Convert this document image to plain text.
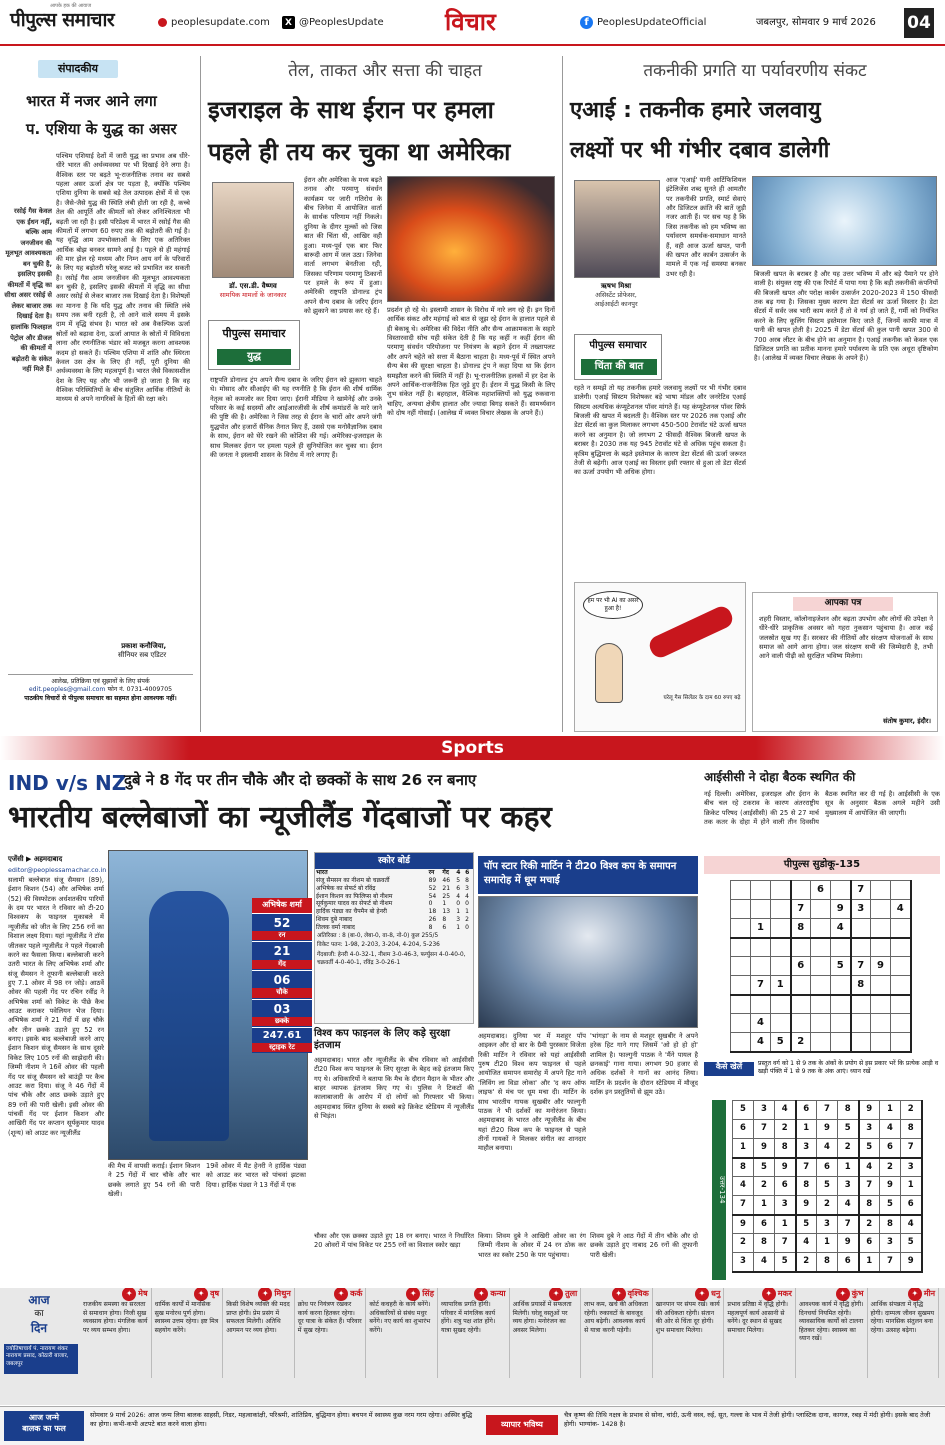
पीपुल्स समाचार
आपके हक की आवाज
peoplesupdate.com	X @PeoplesUpdate	विचार	f PeoplesUpdateOfficial	जबलपुर, सोमवार 9 मार्च 2026 04
संपादकीय
भारत में नजर आने लगा
प. एशिया के युद्ध का असर
पश्चिम एशियाई देशों में जारी युद्ध का प्रभाव अब धीरे-धीरे भारत की अर्थव्यवस्था पर भी दिखाई देने लगा है। वैश्विक स्तर पर बढ़ते भू-राजनीतिक तनाव का सबसे पहला असर ऊर्जा क्षेत्र पर पड़ता है, क्योंकि पश्चिम एशिया दुनिया के सबसे बड़े तेल उत्पादक क्षेत्रों में से एक है। जैसे-जैसे युद्ध की स्थिति लंबी होती जा रही है, कच्चे तेल की आपूर्ति और कीमतों को लेकर अनिश्चितता भी बढ़ती जा रही है। इसी परिप्रेक्ष्य में भारत में रसोई गैस की कीमतों में लगभग 60 रुपए तक की बढ़ोतरी की गई है। यह वृद्धि आम उपभोक्ताओं के लिए एक अतिरिक्त आर्थिक बोझ बनकर सामने आई है। पहले से ही महंगाई की मार झेल रहे मध्यम और निम्न आय वर्ग के परिवारों के लिए यह बढ़ोतरी घरेलू बजट को प्रभावित कर सकती है। रसोई गैस आम जनजीवन की मूलभूत आवश्यकता बन चुकी है, इसलिए इसकी कीमतों में वृद्धि का सीधा असर रसोई से लेकर बाजार तक दिखाई देता है। विशेषज्ञों का मानना है कि यदि युद्ध और तनाव की स्थिति लंबे समय तक बनी रहती है, तो आने वाले समय में इसके दाम में वृद्धि संभव है। भारत को अब वैकल्पिक ऊर्जा स्रोतों को बढ़ावा देना, ऊर्जा आयात के स्रोतों में विविधता लाना और रणनीतिक भंडार को मजबूत करना आवश्यक कदम हो सकते हैं। पश्चिम एशिया में शांति और स्थिरता केवल उस क्षेत्र के लिए ही नहीं, पूरी दुनिया की अर्थव्यवस्था के लिए महत्वपूर्ण है। भारत जैसे विकासशील देश के लिए यह और भी जरूरी हो जाता है कि वह वैश्विक परिस्थितियों के बीच संतुलित आर्थिक नीतियों के माध्यम से अपने नागरिकों के हितों की रक्षा करे।
प्रकाश कनौजिया,
सीनियर सब एडिटर
रसोई गैस केवल एक ईंधन नहीं, बल्कि आम जनजीवन की मूलभूत आवश्यकता बन चुकी है, इसलिए इसकी कीमतों में वृद्धि का सीधा असर रसोई से लेकर बाजार तक दिखाई देता है। हालांकि फिलहाल पेट्रोल और डीजल की कीमतों में बढ़ोतरी के संकेत नहीं मिले हैं।
आलेख, प्रतिक्रिया एवं सुझावों के लिए संपर्क
edit.peoples@gmail.com फोन नं. 0731-4009705
पाठकीय विचारों से पीपुल्स समाचार का सहमत होना आवश्यक नहीं।
तेल, ताकत और सत्ता की चाहत
इजराइल के साथ ईरान पर हमला
पहले ही तय कर चुका था अमेरिका
डॉ. एस.डी. वैष्णव
सामयिक मामलों के जानकार
ईरान और अमेरिका के मध्य बढ़ते तनाव और परमाणु संवर्धन कार्यक्रम पर जारी गतिरोध के बीच जिनेवा में आयोजित वार्ता के सार्थक परिणाम नहीं निकले। दुनिया के दीगर मुल्कों को जिस बात की चिंता थी, आखिर वही हुआ। मध्य-पूर्व एक बार फिर बारूदी आग में जल उठा। जिनेवा वार्ता लगभग बेनतीजा रही, जिसका परिणाम परमाणु ठिकानों पर हमले के रूप में हुआ। अमेरिकी राष्ट्रपति डोनाल्ड ट्रंप अपने सैन्य दबाव के जरिए ईरान को झुकाने का प्रयास कर रहे हैं।
पीपुल्स समाचार
युद्ध
राष्ट्रपति डोनाल्ड ट्रंप अपने सैन्य दबाव के जरिए ईरान को झुकाना चाहते थे। मोसाद और सीआईए की यह रणनीति है कि ईरान की शीर्ष धार्मिक नेतृत्व को कमजोर कर दिया जाए। ईरानी मीडिया ने खामेनेई और उनके परिवार के कई सदस्यों और आईआरजीसी के शीर्ष कमांडरों के मारे जाने की पुष्टि की है। अमेरिका ने जिस तरह से ईरान के चारों ओर अपने जंगी युद्धपोत और हजारों सैनिक तैनात किए हैं, उससे एक मनोवैज्ञानिक दबाव के साथ, ईरान को घेरे रखने की कोशिश की गई। अमेरिका-इजराइल के साथ मिलकर ईरान पर हमला पहले ही सुनियोजित कर चुका था। ईरान की जनता ने इस्लामी शासन के विरोध में नारे लगाए हैं।
प्रदर्शन हो रहे थे। इस्लामी शासन के विरोध में नारे लग रहे हैं। इन दिनों आर्थिक संकट और महंगाई को बात से जूझ रहे ईरान के हालात पहले से ही बेकाबू थे। अमेरिका की विदेश नीति और सैन्य आक्रामकता के सहारे विस्तारवादी सोच यही संकेत देती है कि यह कहीं न कहीं ईरान की परमाणु संवर्धन परियोजना पर नियंत्रण के बहाने ईरान में तख्तापलट और अपने चहेते को सत्ता में बैठाना चाहता है। मध्य-पूर्व में स्थित अपने सैन्य बेस की सुरक्षा चाहता है। डोनाल्ड ट्रंप ने कहा दिया था कि ईरान समझौता करने की स्थिति में नहीं है। भू-राजनीतिक हलकों में हर देश के अपने आर्थिक-राजनीतिक हित जुड़े हुए हैं। ईरान में युद्ध किसी के लिए शुभ संकेत नहीं है। बहरहाल, वैश्विक महाशक्तियों को युद्ध रुकवाना चाहिए, अन्यथा क्षेत्रीय हालात और ज्यादा बिगड़ सकते हैं। सामर्थ्यवान को दोष नहीं गोसाईं। (आलेख में व्यक्त विचार लेखक के अपने हैं।)
तकनीकी प्रगति या पर्यावरणीय संकट
एआई : तकनीक हमारे जलवायु
लक्ष्यों पर भी गंभीर दबाव डालेगी
ऋषभ मिश्रा
असिस्टेंट प्रोफेसर,
आईआईटी कानपुर
आज 'एआई' यानी आर्टिफिशियल इंटेलिजेंस शब्द सुनते ही आमतौर पर तकनीकी प्रगति, स्मार्ट सेवाएं और डिजिटल क्रांति की बातें जुड़ी नजर आती हैं। पर सच यह है कि जिस तकनीक को हम भविष्य का पर्यावरण समर्थक-समाधान मानते हैं, वही आज ऊर्जा खपत, पानी की खपत और कार्बन उत्सर्जन के मामले में एक नई समस्या बनकर उभर रही है।
पीपुल्स समाचार
चिंता की बात
रहते न समझें तो यह तकनीक हमारे जलवायु लक्ष्यों पर भी गंभीर दबाव डालेगी। एआई सिस्टम विशेषकर बड़े भाषा मॉडल और जनरेटिव एआई सिस्टम अत्यधिक कंप्यूटेशनल पॉवर मांगते हैं। यह कंप्यूटेशनल पॉवर सिर्फ बिजली की खपत में बदलती है। वैश्विक स्तर पर 2026 तक एआई और डेटा सेंटर्स का कुल मिलाकर लगभग 450-500 टेरावॉट घंटे ऊर्जा खपत करने का अनुमान है। जो लगभग 2 फीसदी वैश्विक बिजली खपत के बराबर है। 2030 तक यह 945 टेरावॉट घंटे से अधिक पहुंच सकता है। कृत्रिम बुद्धिमत्ता के बढ़ते इस्तेमाल के कारण डेटा सेंटर्स की ऊर्जा जरूरत तेजी से बढ़ेगी। आज एआई का विस्तार इसी रफ्तार से हुआ तो डेटा सेंटर्स का ऊर्जा उपयोग भी अधिक होगा।
बिजली खपत के बराबर है और यह उत्तर भविष्य में और बड़े पैमाने पर होने वाली है। संयुक्त राष्ट्र की एक रिपोर्ट में पाया गया है कि बड़ी तकनीकी कंपनियों की बिजली खपत और परोक्ष कार्बन उत्सर्जन 2020-2023 में 150 फीसदी तक बढ़ गया है। जिसका मुख्य कारण डेटा सेंटर्स का ऊर्जा विस्तार है। डेटा सेंटर्स में सर्वर जब भारी काम करते हैं तो वे गर्म हो जाते हैं, गर्मी को नियंत्रित करने के लिए कूलिंग सिस्टम इस्तेमाल किए जाते हैं, जिनमें काफी मात्रा में पानी की खपत होती है। 2025 में डेटा सेंटर्स की कुल पानी खपत 300 से 700 अरब लीटर के बीच होने का अनुमान है। एआई तकनीक को केवल एक डिजिटल प्रगति का प्रतीक मानना हमारे पर्यावरण के प्रति एक अधूरा दृष्टिकोण है। (आलेख में व्यक्त विचार लेखक के अपने हैं।)
हम पर भी AI का असर हुआ है!
घरेलू गैस सिलेंडर के दाम 60 रुपए बढ़े
आपका पत्र
शहरी विस्तार, कॉलोनाइजेशन और बढ़ता उपभोग और लोगों की उपेक्षा ने धीरे-धीरे प्राकृतिक अवसर को गहरा नुकसान पहुंचाया है। आज कई जलस्रोत सूख गए हैं। सरकार की नीतियों और संरक्षण योजनाओं के साथ समाज को आगे आना होगा। जल संरक्षण सभी की जिम्मेदारी है, तभी आने वाली पीढ़ी को सुरक्षित भविष्य मिलेगा।
संतोष कुमार, इंदौर।
Sports
IND v/s NZ
दुबे ने 8 गेंद पर तीन चौके और दो छक्कों के साथ 26 रन बनाए
भारतीय बल्लेबाजों का न्यूजीलैंड गेंदबाजों पर कहर
एजेंसी ▶ अहमदाबाद
editor@peoplessamachar.co.in
सलामी बल्लेबाज संजू सैमसन (89), ईशान किशन (54) और अभिषेक शर्मा (52) की विस्फोटक अर्धशतकीय पारियों के दम पर भारत ने रविवार को टी-20 विश्वकप के फाइनल मुकाबले में न्यूजीलैंड को जीत के लिए 256 रनों का विशाल लक्ष्य दिया। यहां न्यूजीलैंड ने टॉस जीतकर पहले न्यूजीलैंड ने पहले गेंदबाजी करने का फैसला किया। बल्लेबाजी करने उतरी भारत के लिए अभिषेक शर्मा और संजू सैमसन ने तूफानी बल्लेबाजी करते हुए 7.1 ओवर में 98 रन जोड़े। आठवें ओवर की पहली गेंद पर रचिन रवींद्र ने अभिषेक शर्मा को विकेट के पीछे कैच आउट कराकर पवेलियन भेज दिया। अभिषेक शर्मा ने 21 गेंदों में छह चौके और तीन छक्के उड़ाते हुए 52 रन बनाए। इसके बाद बल्लेबाजी करने आए ईशान किशन संजू सैमसन के साथ दूसरे विकेट लिए 105 रनों की साझेदारी की। जिम्मी नीशम ने 16वें ओवर की पहली गेंद पर संजू सैमसन को बाउंड्री पर कैच आउट करा दिया। संजू ने 46 गेंदों में पांच चौके और आठ छक्के उड़ाते हुए 89 रनों की पारी खेली। इसी ओवर की पांचवीं गेंद पर ईशान किशन और आखिरी गेंद पर कप्तान सूर्यकुमार यादव (शून्य) को आउट कर न्यूजीलैंड
अभिषेक शर्मा
52
रन
21
गेंद
06
चौके
03
छक्के
247.61
स्ट्राइक रेट
की मैच में वापसी कराई। ईशान किशन ने 25 गेंदों में चार चौके और चार छक्के लगाते हुए 54 रनों की पारी खेली।
19वें ओवर में मैट हेनरी ने हार्दिक पंड्या को आउट कर भारत को पांचवां झटका दिया। हार्दिक पंड्या ने 13 गेंदों में एक
स्कोर बोर्ड
भारत	रन	गेंद	4	6
संजू सैमसन का नीशम बो चक्रवर्ती	89	46	5	8
अभिषेक का सेफर्ट बो रविंद्र	52	21	6	3
ईशान किशन का फिलिप्स बो नीशम	54	25	4	4
सूर्यकुमार यादव का सेफर्ट बो नीशम	0	1	0	0
हार्दिक पंड्या का चैपमैन बो हेनरी	18	13	1	1
शिवम दुबे नाबाद	26	8	3	2
तिलक वर्मा नाबाद	8	6	1	0
अतिरिक्त : 8 (बा-0, लेबा-0, वा-8, नो-0) कुल 255/5
विकेट पतन: 1-98, 2-203, 3-204, 4-204, 5-236
गेंदबाजी: हेनरी 4-0-32-1, नीशम 3-0-46-3, फर्ग्युसन 4-0-40-0, चक्रवर्ती 4-0-40-1, रविंद्र 3-0-26-1
विश्व कप फाइनल के लिए कड़े सुरक्षा इंतजाम
अहमदाबाद। भारत और न्यूजीलैंड के बीच रविवार को आईसीसी टी20 विश्व कप फाइनल के लिए सुरक्षा के बेहद कड़े इंतजाम किए गए थे। अधिकारियों ने बताया कि मैच के दौरान मैदान के भीतर और बाहर व्यापक इंतजाम किए गए थे। पुलिस ने टिकटों की कालाबाजारी के आरोप में दो लोगों को गिरफ्तार भी किया। अहमदाबाद स्थित दुनिया के सबसे बड़े क्रिकेट स्टेडियम में न्यूजीलैंड से भिड़ंत।
चौका और एक छक्का उड़ाते हुए 18 रन बनाए। भारत ने निर्धारित 20 ओवरों में पांच विकेट पर 255 रनों का विशाल स्कोर खड़ा
पॉप स्टार रिकी मार्टिन ने टी20 विश्व कप के समापन समारोह में धूम मचाई
अहमदाबाद। दुनिया भर में मशहूर पॉप आइकन और दो बार के ग्रैमी पुरस्कार विजेता रिकी मार्टिन ने रविवार को यहां आईसीसी पुरुष टी20 विश्व कप फाइनल से पहले आयोजित समापन समारोह में अपने हिट गाने 'लिविंग ला विडा लोका' और 'द कप ऑफ लाइफ' से मंच पर धूम मचा दी। मार्टिन के साथ भारतीय गायक सुखबीर और फाल्गुनी पाठक ने भी दर्शकों का मनोरंजन किया। अहमदाबाद के भारत और न्यूजीलैंड के बीच यहां टी20 विश्व कप के फाइनल से पहले तीनों गायकों ने मिलकर संगीत का शानदार माहौल बनाया।
'भांगड़ा' के नाम से मशहूर सुखबीर ने अपने हरेक हिट गाने गाए जिसमें 'ओ हो हो हो' शामिल है। फाल्गुनी पाठक ने 'मैंने पायल है छनकाई' गाना गाया। लगभग 90 हजार से अधिक दर्शकों ने गानों का आनंद लिया। मार्टिन के प्रदर्शन के दौरान स्टेडियम में मौजूद दर्शक इन प्रस्तुतियों से झूम उठे।
किया। शिवम दुबे ने आखिरी ओवर का रंग जिम्मी नीशम के ओवर में 24 रन ठोक कर भारत का स्कोर 250 के पार पहुंचाया।
शिवम दुबे ने आठ गेंदों में तीन चौके और दो छक्के उड़ाते हुए नाबाद 26 रनों की तूफानी पारी खेली।
आईसीसी ने दोहा बैठक स्थगित की
नई दिल्ली। अमेरिका, इजराइल और ईरान के बीच चल रहे टकराव के कारण अंतरराष्ट्रीय क्रिकेट परिषद (आईसीसी) की 25 से 27 मार्च तक कतर के दोहा में होने वाली तीन दिवसीय बैठक स्थगित कर दी गई है। आईसीसी के एक सूत्र के अनुसार बैठक अगले महीने उसी मुख्यालय में आयोजित की जाएगी।
पीपुल्स सुडोकू-135
				6		7		
			7		9	3		4
	1		8		4			

			6		5	7	9	
	7	1				8		

	4							
	4	5	2					
कैसे खेलें	प्रस्तुत वर्ग को 1 से 9 तक के अंकों के प्रयोग से इस प्रकार भरें कि प्रत्येक आड़ी व खड़ी पंक्ति में 1 से 9 तक के अंक आएं। ध्यान रखें
उत्तर-134
5	3	4	6	7	8	9	1	2
6	7	2	1	9	5	3	4	8
1	9	8	3	4	2	5	6	7
8	5	9	7	6	1	4	2	3
4	2	6	8	5	3	7	9	1
7	1	3	9	2	4	8	5	6
9	6	1	5	3	7	2	8	4
2	8	7	4	1	9	6	3	5
3	4	5	2	8	6	1	7	9
आज
का
दिन
ज्योतिषाचार्य पं. नारायण शंकर नारायण प्रसाद, कोठारी बाजार, जबलपुर
✦ मेष
राजकीय समस्या का सरलता से समाधान होगा। निजी सुख व्यवसाय होगा। मंगलिक कार्य पर व्यय सम्भव होगा।
✦ वृष
धार्मिक कार्यों में मानसिक सुख मनोरथ पूर्ण होगा। स्वास्थ्य उत्तम रहेगा। इष्ट मित्र सहयोग करेंगे।
✦ मिथुन
किसी विशेष व्यक्ति की मदद प्राप्त होगी। प्रेम प्रसंग में सफलता मिलेगी। अतिथि आगमन पर व्यय होगा।
✦ कर्क
क्रोध पर नियंत्रण रखकर कार्य करना हितकर रहेगा। दूर यात्रा के संकेत हैं। परिवार में सुख रहेगा।
✦ सिंह
कोर्ट कचहरी के कार्य बनेंगे। अधिकारियों से संबंध मधुर बनेंगे। नए कार्य का शुभारंभ करेंगे।
✦ कन्या
व्यापारिक प्रगति होगी। परिवार में मांगलिक कार्य होंगे। शत्रु पक्ष शांत होंगे। यात्रा सुखद रहेगी।
✦ तुला
आर्थिक प्रयासों में सफलता मिलेगी। घरेलू वस्तुओं पर व्यय होगा। मनोरंजन का अवसर मिलेगा।
✦ वृश्चिक
लाभ कम, खर्च की अधिकता रहेगी। रुकावटों के बावजूद आय बढ़ेगी। आवश्यक कार्य से यात्रा करनी पड़ेगी।
✦ धनु
खानपान पर संयम रखें। कार्य की अधिकता रहेगी। संतान की ओर से चिंता दूर होगी। शुभ समाचार मिलेगा।
✦ मकर
प्रभाव प्रतिष्ठा में वृद्धि होगी। महत्वपूर्ण कार्य आसानी से बनेंगे। दूर स्थान से सुखद समाचार मिलेगा।
✦ कुंभ
आवश्यक कार्य में वृद्धि होगी। दिनचर्या नियमित रहेगी। व्यावसायिक कार्यों को टालना हितकर रहेगा। स्वास्थ्य का ध्यान रखें।
✦ मीन
आर्थिक संपन्नता में वृद्धि होगी। दाम्पत्य जीवन सुखमय रहेगा। मानसिक संतुलन बना रहेगा। उत्साह बढ़ेगा।
आज जन्मे
बालक का फल
सोमवार 9 मार्च 2026: आज जन्म लिया बालक साहसी, निडर, महत्वाकांक्षी, परिश्रमी, शांतिप्रिय, बुद्धिमान होगा। बचपन में स्वास्थ्य कुछ नरम गरम रहेगा। अस्थिर बुद्धि का होगा। कभी-कभी अटपटे बात करने वाला होगा।	व्यापार भविष्य
चैत्र कृष्ण की तिथि नक्षत्र के प्रभाव से सोना, चांदी, ऊनी वस्त्र, रुई, सूत, गल्ला के भाव में तेजी होगी। प्लास्टिक दाना, कागज, रबड़ में मंदी होगी। इसके बाद तेजी होगी। भाग्यांक- 1428 है।
